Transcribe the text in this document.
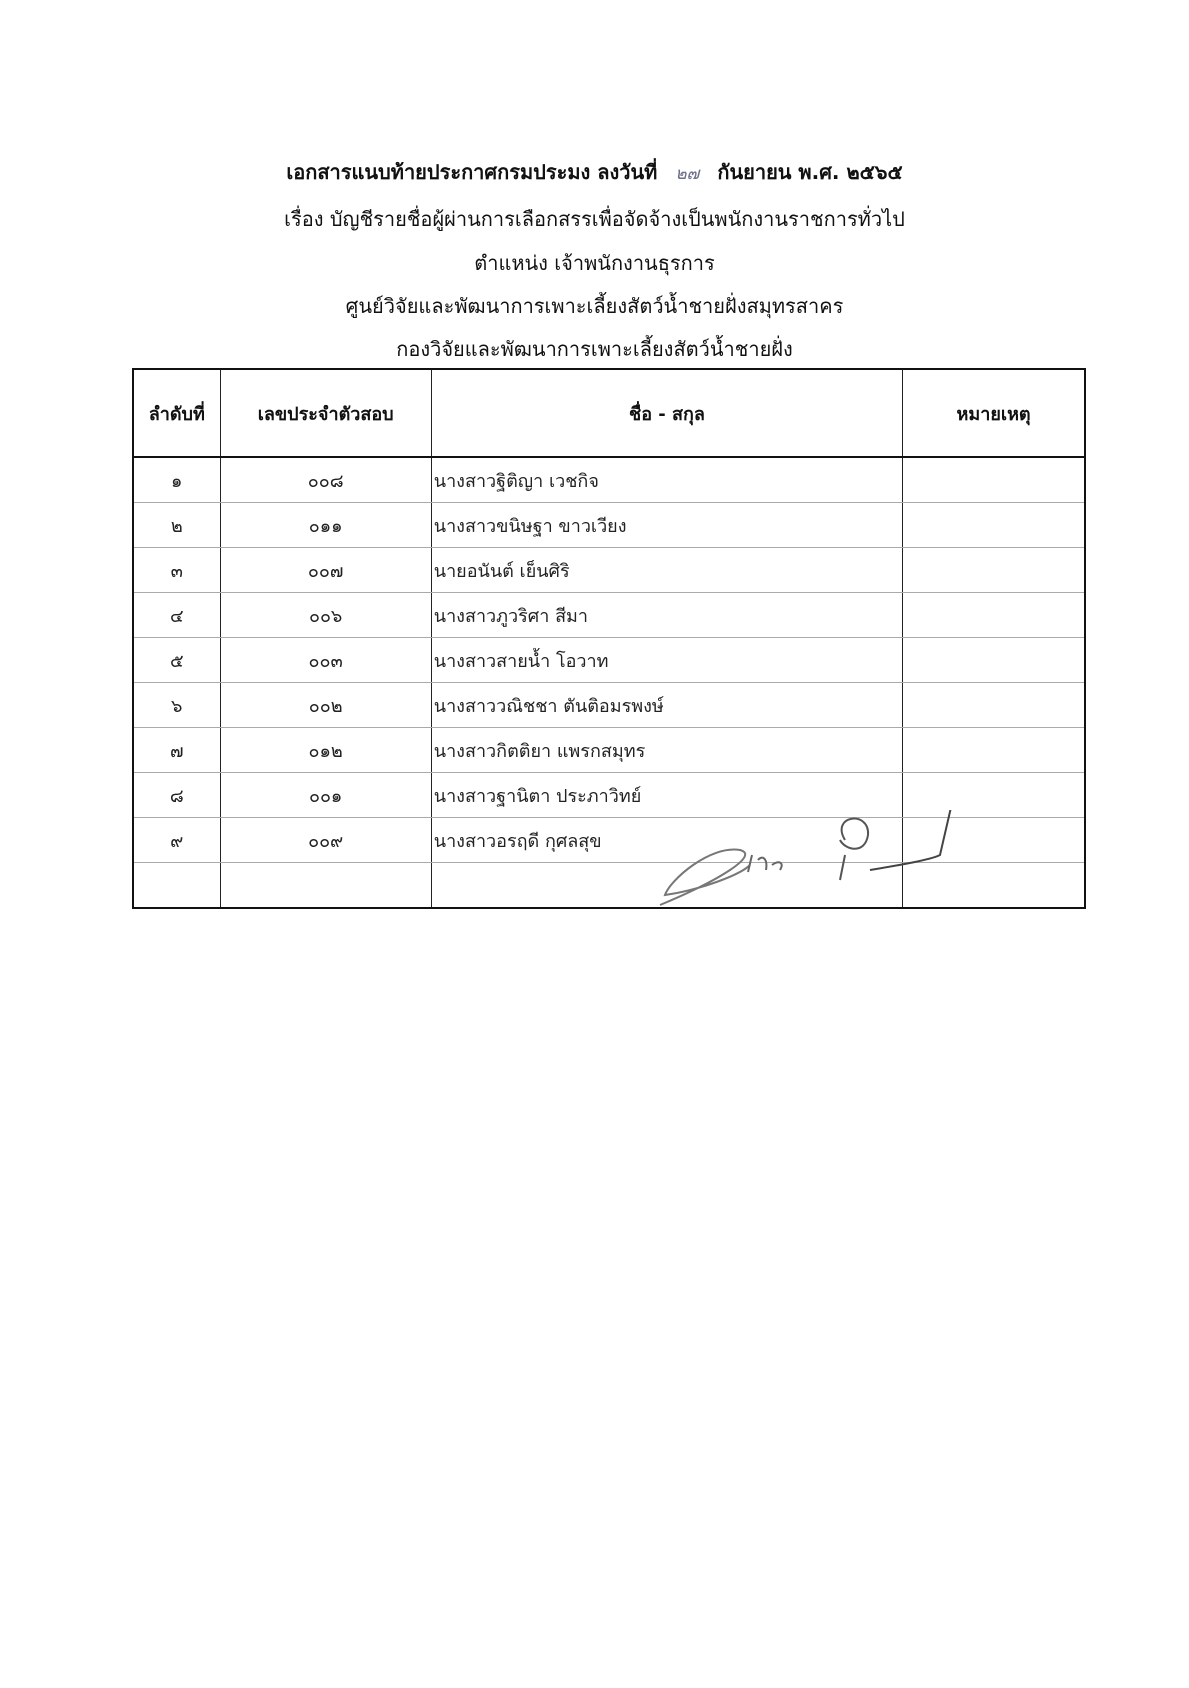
เอกสารแนบท้ายประกาศกรมประมง ลงวันที่ ๒๗ กันยายน พ.ศ. ๒๕๖๕
เรื่อง บัญชีรายชื่อผู้ผ่านการเลือกสรรเพื่อจัดจ้างเป็นพนักงานราชการทั่วไป
ตำแหน่ง เจ้าพนักงานธุรการ
ศูนย์วิจัยและพัฒนาการเพาะเลี้ยงสัตว์น้ำชายฝั่งสมุทรสาคร
กองวิจัยและพัฒนาการเพาะเลี้ยงสัตว์น้ำชายฝั่ง
ลำดับที่	เลขประจำตัวสอบ	ชื่อ - สกุล	หมายเหตุ
๑	๐๐๘	นางสาวฐิติญา เวชกิจ	
๒	๐๑๑	นางสาวขนิษฐา ขาวเวียง	
๓	๐๐๗	นายอนันต์ เย็นศิริ	
๔	๐๐๖	นางสาวภูวริศา สีมา	
๕	๐๐๓	นางสาวสายน้ำ โอวาท	
๖	๐๐๒	นางสาววณิชชา ตันติอมรพงษ์	
๗	๐๑๒	นางสาวกิตติยา แพรกสมุทร	
๘	๐๐๑	นางสาวฐานิตา ประภาวิทย์	
๙	๐๐๙	นางสาวอรฤดี กุศลสุข	
